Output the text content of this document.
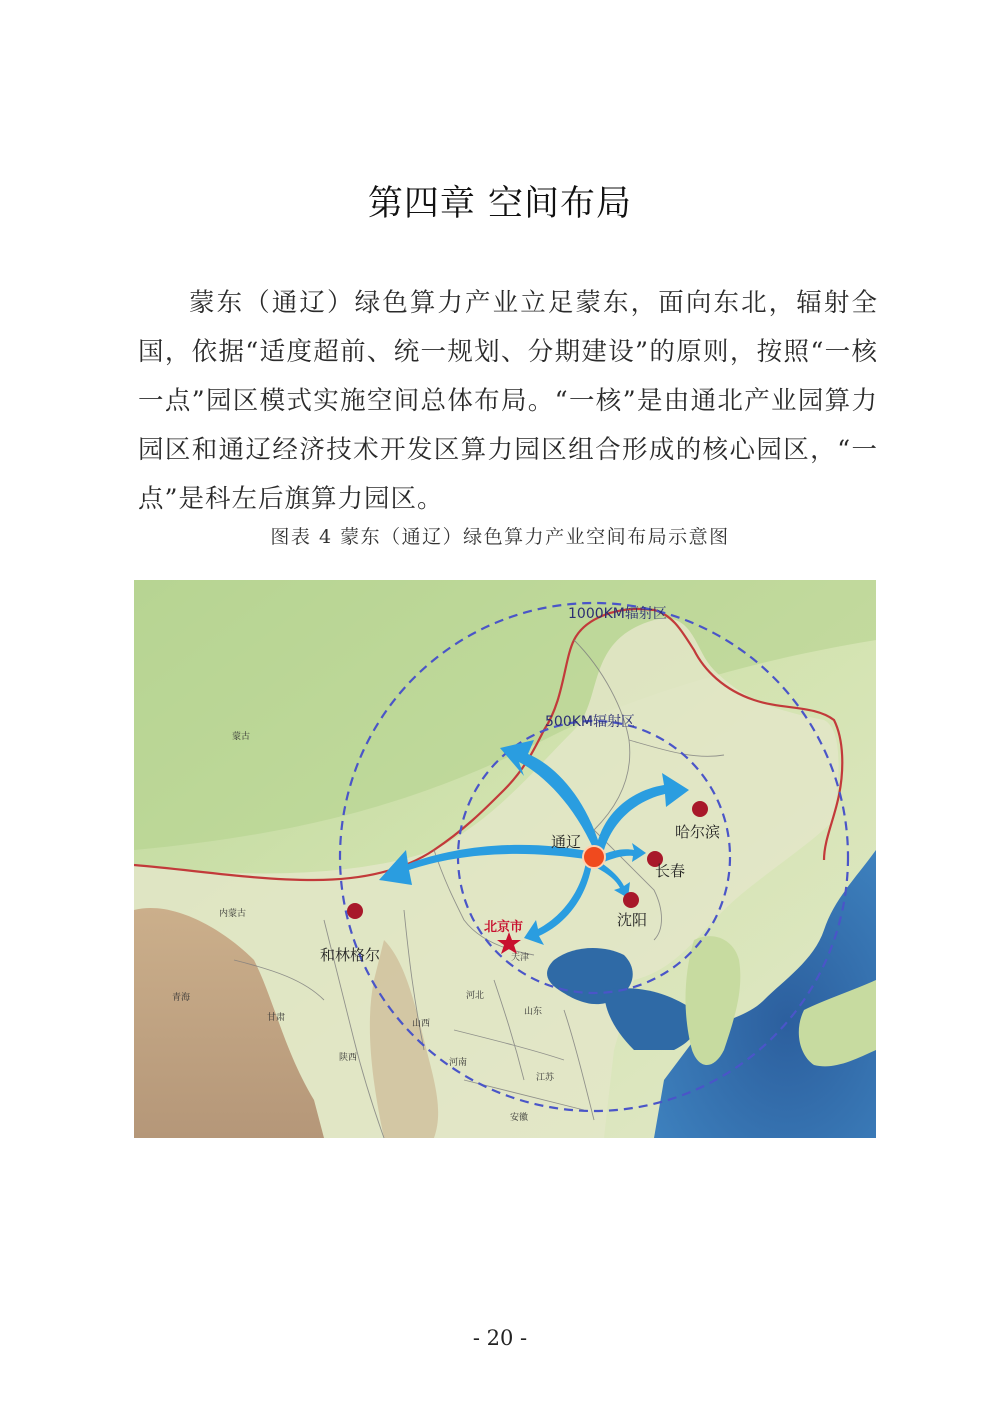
第四章 空间布局

蒙东（通辽）绿色算力产业立足蒙东，面向东北，辐射全国，依据“适度超前、统一规划、分期建设”的原则，按照“一核一点”园区模式实施空间总体布局。“一核”是由通北产业园算力园区和通辽经济技术开发区算力园区组合形成的核心园区，“一点”是科左后旗算力园区。

图表 4 蒙东（通辽）绿色算力产业空间布局示意图
1000KM辐射区
500KM辐射区
通辽
哈尔滨
长春
沈阳
和林格尔
北京市
天津
蒙古
内蒙古
青海
甘肃
陕西
山西
河北
河南
山东
江苏
安徽
- 20 -
